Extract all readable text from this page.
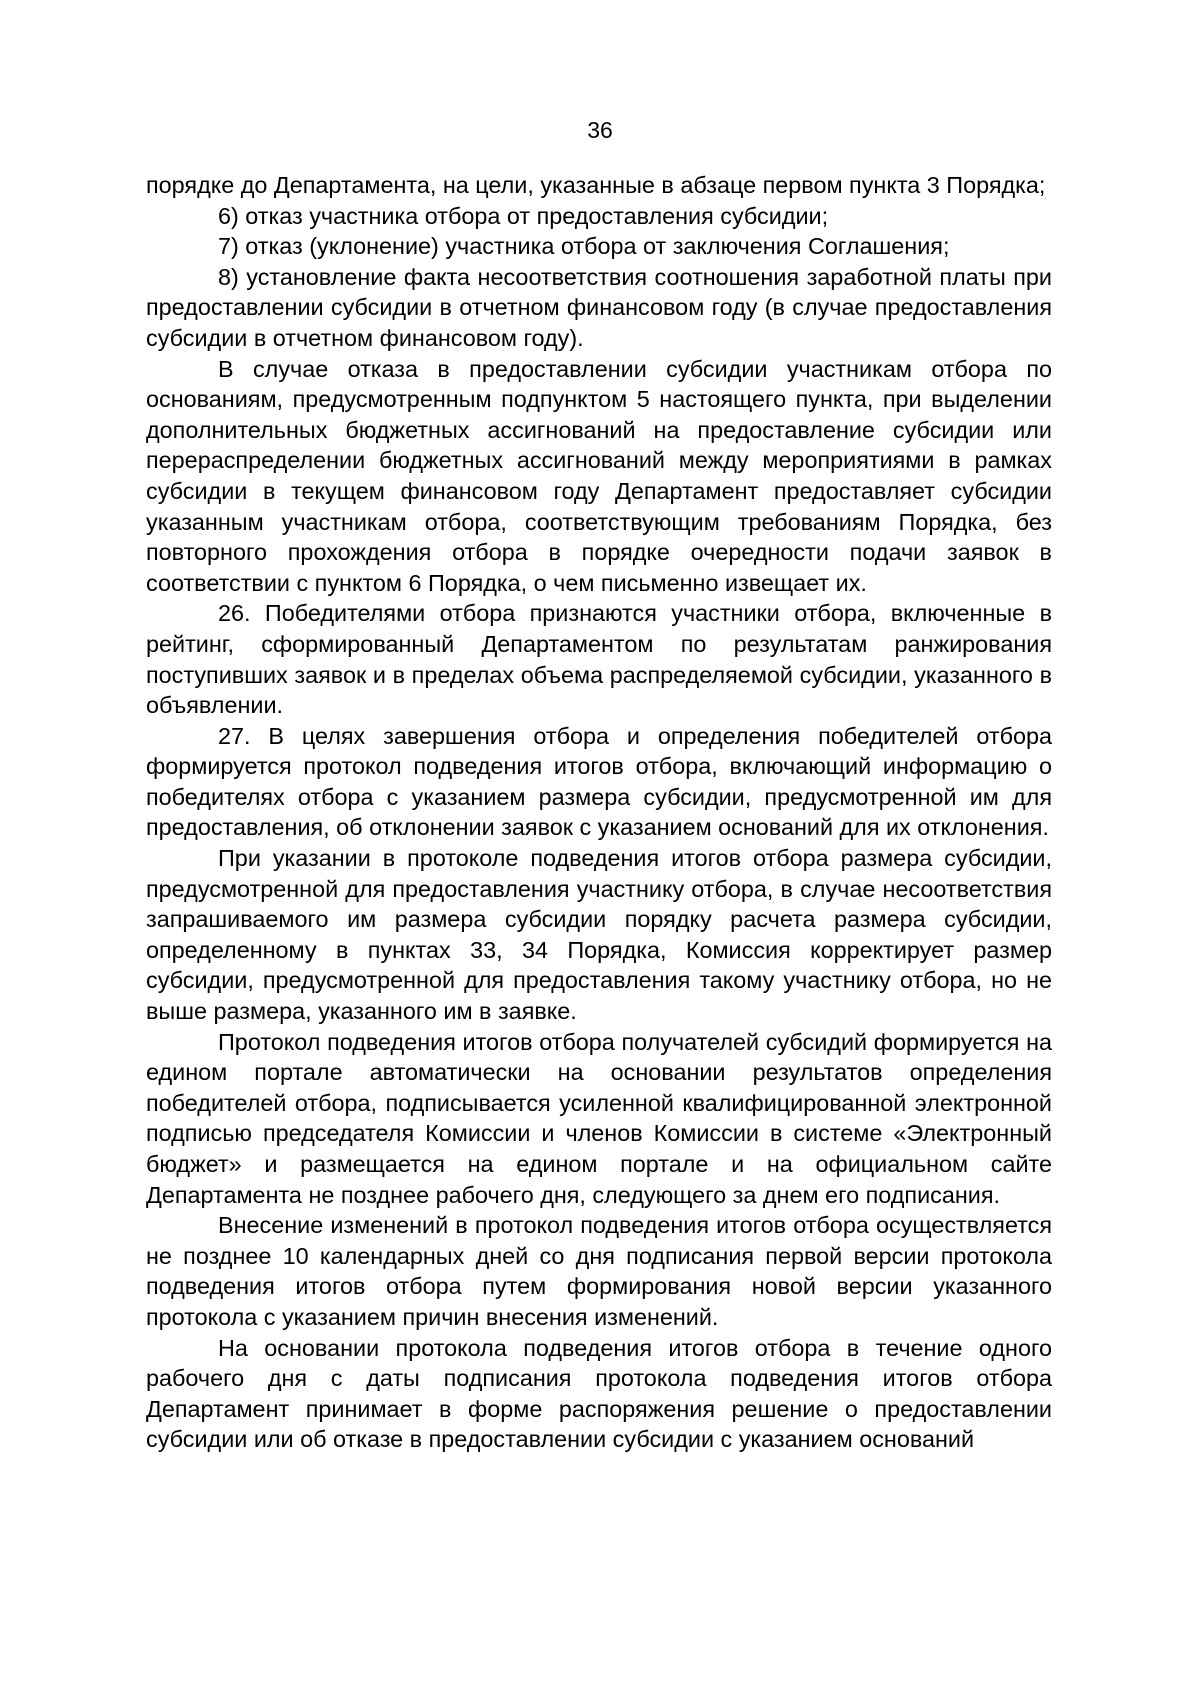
36

порядке до Департамента, на цели, указанные в абзаце первом пункта 3 Порядка;

6) отказ участника отбора от предоставления субсидии;

7) отказ (уклонение) участника отбора от заключения Соглашения;

8) установление факта несоответствия соотношения заработной платы при предоставлении субсидии в отчетном финансовом году (в случае предоставления субсидии в отчетном финансовом году).

В случае отказа в предоставлении субсидии участникам отбора по основаниям, предусмотренным подпунктом 5 настоящего пункта, при выделении дополнительных бюджетных ассигнований на предоставление субсидии или перераспределении бюджетных ассигнований между мероприятиями в рамках субсидии в текущем финансовом году Департамент предоставляет субсидии указанным участникам отбора, соответствующим требованиям Порядка, без повторного прохождения отбора в порядке очередности подачи заявок в соответствии с пунктом 6 Порядка, о чем письменно извещает их.

26. Победителями отбора признаются участники отбора, включенные в рейтинг, сформированный Департаментом по результатам ранжирования поступивших заявок и в пределах объема распределяемой субсидии, указанного в объявлении.

27. В целях завершения отбора и определения победителей отбора формируется протокол подведения итогов отбора, включающий информацию о победителях отбора с указанием размера субсидии, предусмотренной им для предоставления, об отклонении заявок с указанием оснований для их отклонения.

При указании в протоколе подведения итогов отбора размера субсидии, предусмотренной для предоставления участнику отбора, в случае несоответствия запрашиваемого им размера субсидии порядку расчета размера субсидии, определенному в пунктах 33, 34 Порядка, Комиссия корректирует размер субсидии, предусмотренной для предоставления такому участнику отбора, но не выше размера, указанного им в заявке.

Протокол подведения итогов отбора получателей субсидий формируется на едином портале автоматически на основании результатов определения победителей отбора, подписывается усиленной квалифицированной электронной подписью председателя Комиссии и членов Комиссии в системе «Электронный бюджет» и размещается на едином портале и на официальном сайте Департамента не позднее рабочего дня, следующего за днем его подписания.

Внесение изменений в протокол подведения итогов отбора осуществляется не позднее 10 календарных дней со дня подписания первой версии протокола подведения итогов отбора путем формирования новой версии указанного протокола с указанием причин внесения изменений.

На основании протокола подведения итогов отбора в течение одного рабочего дня с даты подписания протокола подведения итогов отбора Департамент принимает в форме распоряжения решение о предоставлении субсидии или об отказе в предоставлении субсидии с указанием оснований
